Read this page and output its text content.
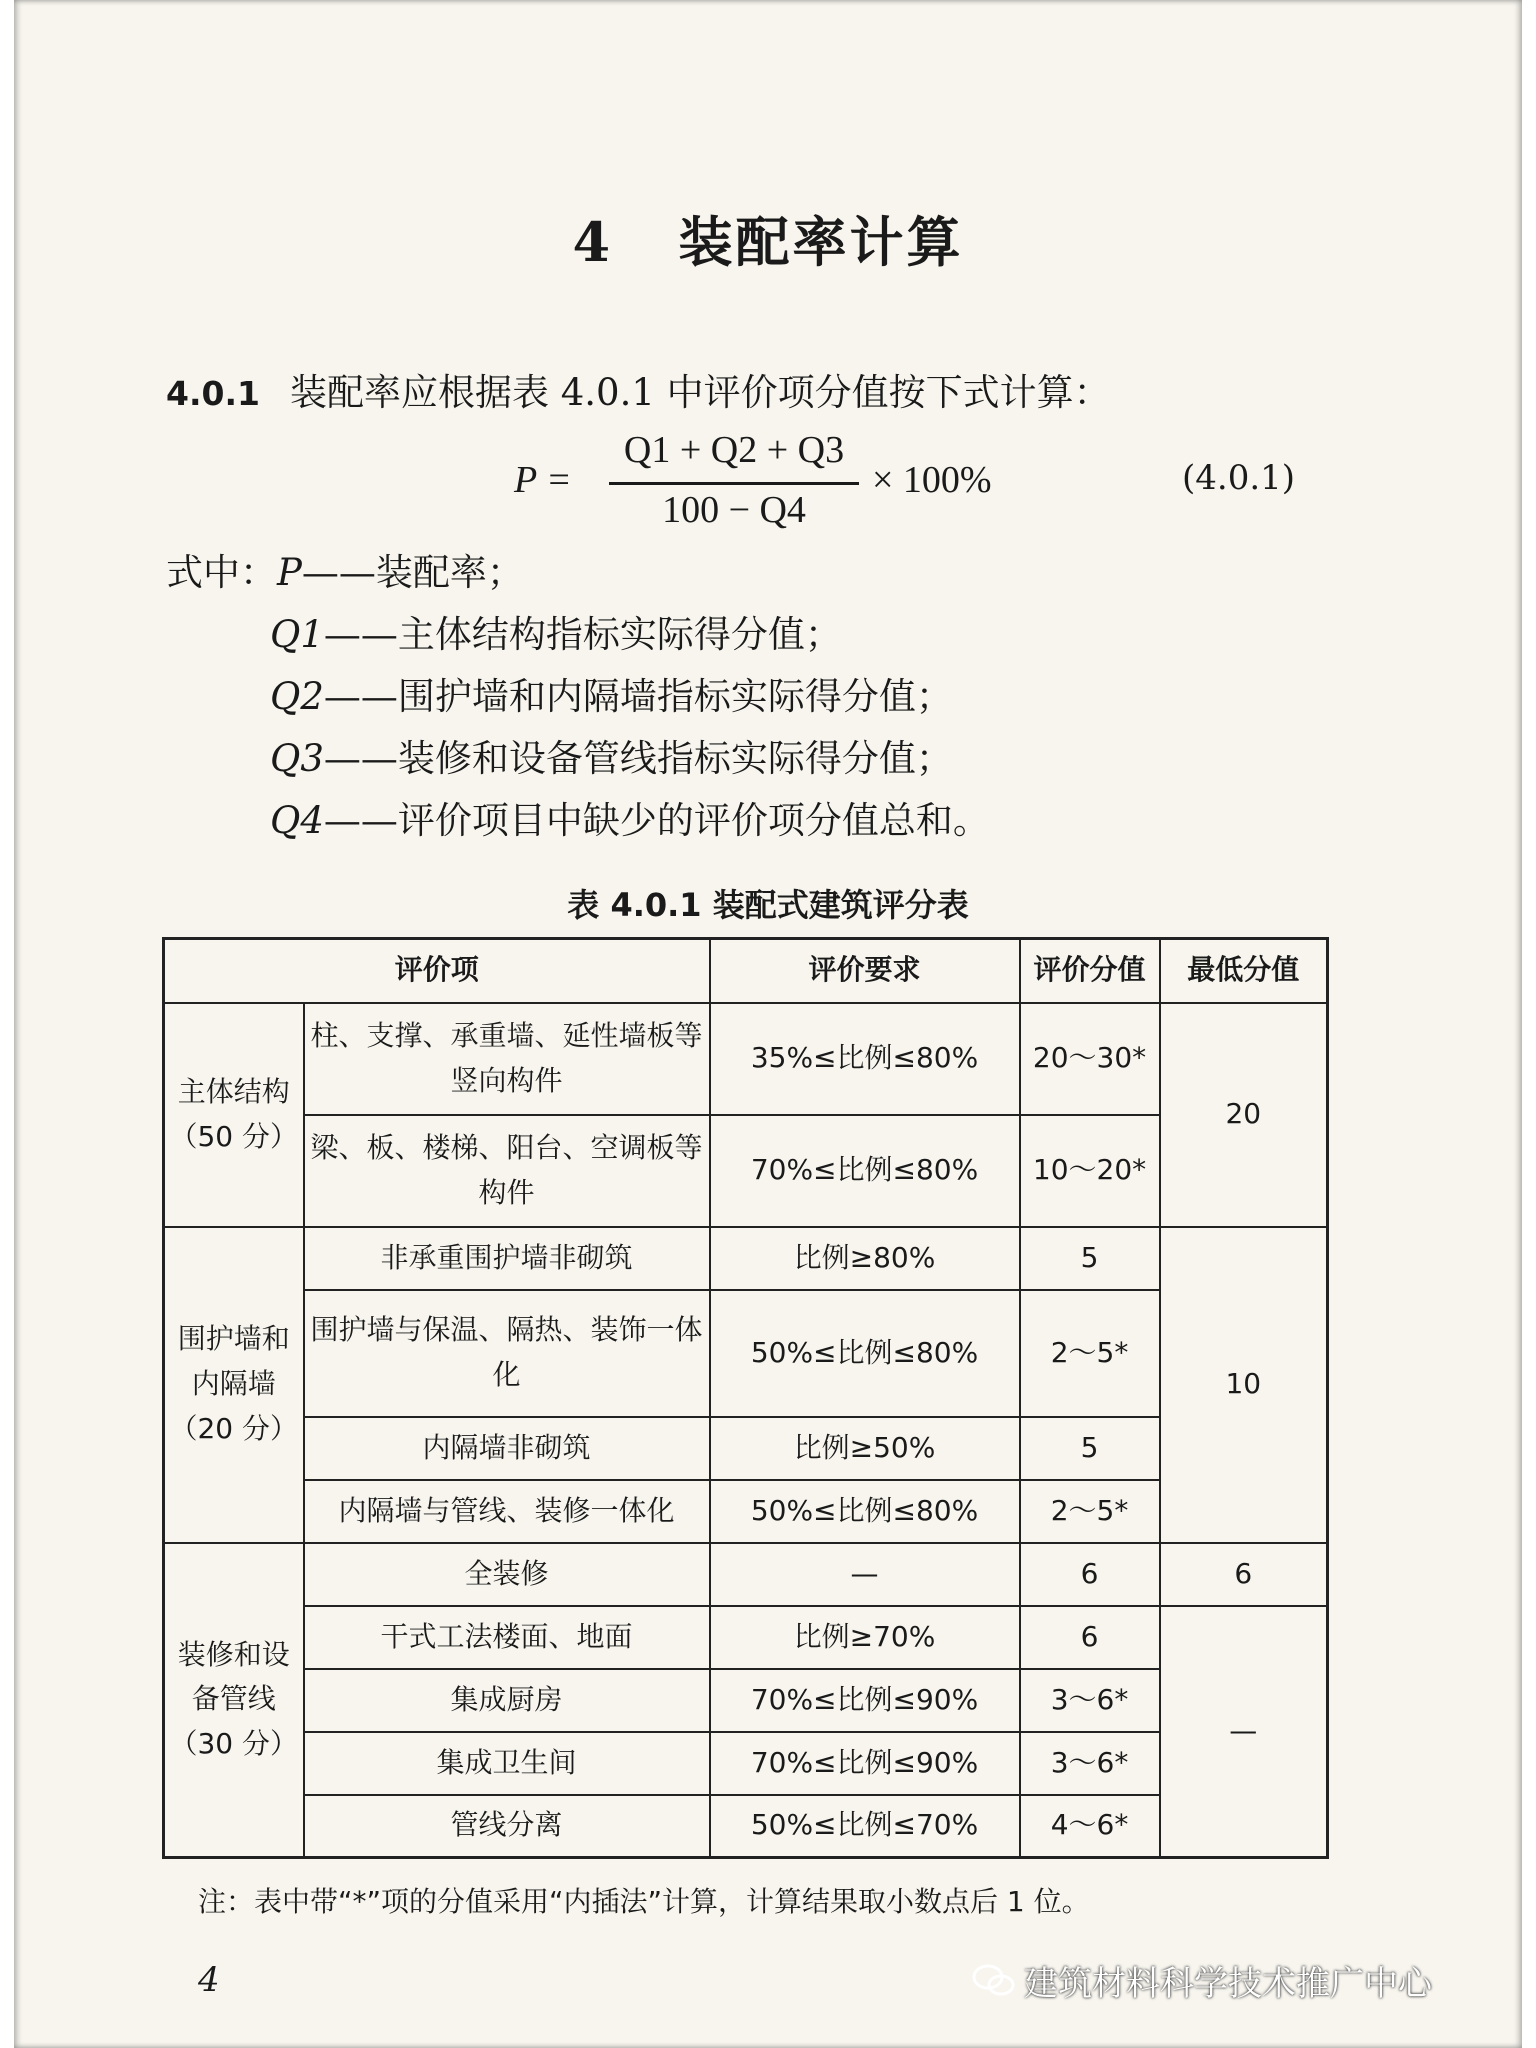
4 装配率计算
4.0.1 装配率应根据表 4.0.1 中评价项分值按下式计算：
P =
Q1 + Q2 + Q3
100 − Q4
× 100%	(4.0.1)
式中：P——装配率；
Q1——主体结构指标实际得分值；
Q2——围护墙和内隔墙指标实际得分值；
Q3——装修和设备管线指标实际得分值；
Q4——评价项目中缺少的评价项分值总和。
表 4.0.1 装配式建筑评分表
评价项		评价要求	评价分值	最低分值
主体结构（50 分）	柱、支撑、承重墙、延性墙板等竖向构件	35%≤比例≤80%	20～30*	20
	梁、板、楼梯、阳台、空调板等构件	70%≤比例≤80%	10～20*	
围护墙和内隔墙（20 分）	非承重围护墙非砌筑	比例≥80%	5	10
	围护墙与保温、隔热、装饰一体化	50%≤比例≤80%	2～5*	
	内隔墙非砌筑	比例≥50%	5	
	内隔墙与管线、装修一体化	50%≤比例≤80%	2～5*	
装修和设备管线（30 分）	全装修	—	6	6
	干式工法楼面、地面	比例≥70%	6	—
	集成厨房	70%≤比例≤90%	3～6*	
	集成卫生间	70%≤比例≤90%	3～6*	
	管线分离	50%≤比例≤70%	4～6*	
注：表中带“*”项的分值采用“内插法”计算，计算结果取小数点后 1 位。
4	建筑材料科学技术推广中心
